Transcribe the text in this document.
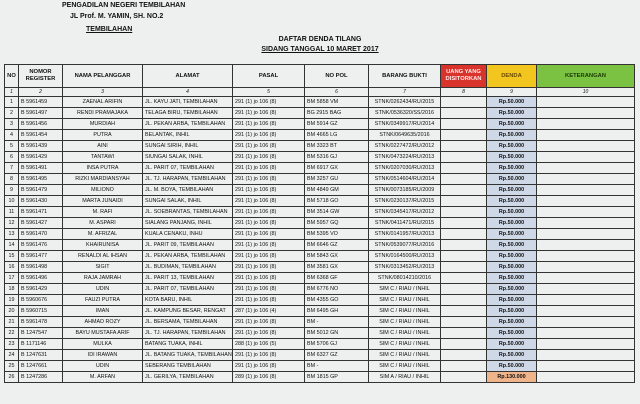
PENGADILAN NEGERI TEMBILAHAN
JL Prof. M. YAMIN, SH. NO.2
TEMBILAHAN
DAFTAR DENDA TILANG
SIDANG TANGGAL 10 MARET 2017
NO	NOMOR REGISTER	NAMA PELANGGAR	ALAMAT	PASAL	NO POL	BARANG BUKTI	UANG YANG DISITORKAN	DENDA	KETERANGAN
1	2	3	4	5	6	7	8	9	10
1	B 5961459	ZAENAL ARIFIN	JL. KAYU JATI, TEMBILAHAN	291 (1) jo 106 (8)	BM 5858 VM	STNK/0262434/RU/2015		Rp.50.000	
2	B 5961497	RENDI PRAMAJAKA	TELAGA BIRU, TEMBILAHAN	291 (1) jo 106 (8)	BG 2915 BAG	STNK/0536320/SS/2016		Rp.50.000	
3	B 5961456	MURDIAH	JL. PEKAN ARBA, TEMBILAHAN	291 (1) jo 106 (8)	BM 5914 GZ	STNK/0349917/RU/2014		Rp.50.000	
4	B 5961454	PUTRA	BELANTAK, INHIL	291 (1) jo 106 (8)	BM 4665 LG	STNK/0649635/2016		Rp.50.000	
5	B 5961439	AINI	SUNGAI SIRIH, INHIL	291 (1) jo 106 (8)	BM 3323 BT	STNK/0227472/RU/2012		Rp.50.000	
6	B 5961429	TANTAWI	SIUNGAI SALAK, INHIL	291 (1) jo 106 (8)	BM 5316 GJ	STNK/0473224/RU/2013		Rp.50.000	
7	B 5961491	INSA PUTRA	JL. PARIT 07, TEMBILAHAN	291 (1) jo 106 (8)	BM 6917 GX	STNK/0207030/RU/2013		Rp.50.000	
8	B 5961495	RIZKI MARDIANSYAH	JL. TJ. HARAPAN, TEMBILAHAN	291 (1) jo 106 (8)	BM 3257 GU	STNK/0514604/RU/2014		Rp.50.000	
9	B 5961479	MILIONO	JL. M. BOYA, TEMBILAHAN	291 (1) jo 106 (8)	BM 4849 GM	STNK/0073185/RU/2009		Rp.50.000	
10	B 5961430	MARTA JUNAIDI	SUNGAI SALAK, INHIL	291 (1) jo 106 (8)	BM 5718 GO	STNK/0230137/RU/2015		Rp.50.000	
11	B 5961471	M. RAFI	JL. SOEBRANTAS, TEMBILAHAN	291 (1) jo 106 (8)	BM 3514 GW	STNK/0345417/RU/2012		Rp.50.000	
12	B 5961427	M. ASPARI	SIALANG PANJANG, INHIL	291 (1) jo 106 (8)	BM 5957 GQ	STNK/0411471/RU/2015		Rp.50.000	
13	B 5961470	M. AFRIZAL	KUALA CENAKU, INHU	291 (1) jo 106 (8)	BM 5395 VO	STNK/0141957/RU/2013		Rp.50.000	
14	B 5961476	KHAIRUNISA	JL. PARIT 09, TEMBILAHAN	291 (1) jo 106 (8)	BM 6646 GZ	STNK/0539077/RU/2016		Rp.50.000	
15	B 5961477	RENALDI AL IHSAN	JL. PEKAN ARBA, TEMBILAHAN	291 (1) jo 106 (8)	BM 5843 GX	STNK/0164500/RU/2013		Rp.50.000	
16	B 5961498	SIGIT	JL. BUDIMAN, TEMBILAHAN	291 (1) jo 106 (8)	BM 3581 GX	STNK/0313452/RU/2013		Rp.50.000	
17	B 5961496	RAJA JAMRAH	JL. PARIT 13, TEMBILAHAN	291 (1) jo 106 (8)	BM 6368 GF	STNK/08014210/2016		Rp.50.000	
18	B 5961429	UDIN	JL. PARIT 07, TEMBILAHAN	291 (1) jo 106 (8)	BM 6776 NO	SIM C / RIAU / INHIL		Rp.50.000	
19	B 5960676	FAUZI PUTRA	KOTA BARU, INHIL	291 (1) jo 106 (8)	BM 4355 GO	SIM C / RIAU / INHIL		Rp.50.000	
20	B 5960715	IMAN	JL. KAMPUNG BESAR, RENGAT	287 (1) jo 106 (4)	BM 6495 GH	SIM C / RIAU / INHIL		Rp.50.000	
21	B 5961478	AHMAD ROZY	JL. BERSAMA, TEMBILAHAN	291 (1) jo 106 (8)	BM -	SIM C / RIAU / INHIL		Rp.50.000	
22	B 1247547	BAYU MUSTAFA ARIF	JL. TJ. HARAPAN, TEMBILAHAN	291 (1) jo 106 (8)	BM 5012 GN	SIM C / RIAU / INHIL		Rp.50.000	
23	B 1171146	MULKA	BATANG TUAKA, INHIL	288 (1) jo 106 (5)	BM 5706 GJ	SIM C / RIAU / INHIL		Rp.50.000	
24	B 1247631	IDI IRAWAN	JL. BATANG TUAKA, TEMBILAHAN	291 (1) jo 106 (8)	BM 6327 GZ	SIM C / RIAU / INHIL		Rp.50.000	
25	B 1247661	UDIN	SEBERANG TEMBILAHAN	291 (1) jo 106 (8)	BM -	SIM C / RIAU / INHIL		Rp.50.000	
26	B 1247286	M. ARFAN	JL. GERILYA, TEMBILAHAN	289 (1) jo 106 (8)	BM 1815 GP	SIM A / RIAU / INHIL		Rp.130.000	
